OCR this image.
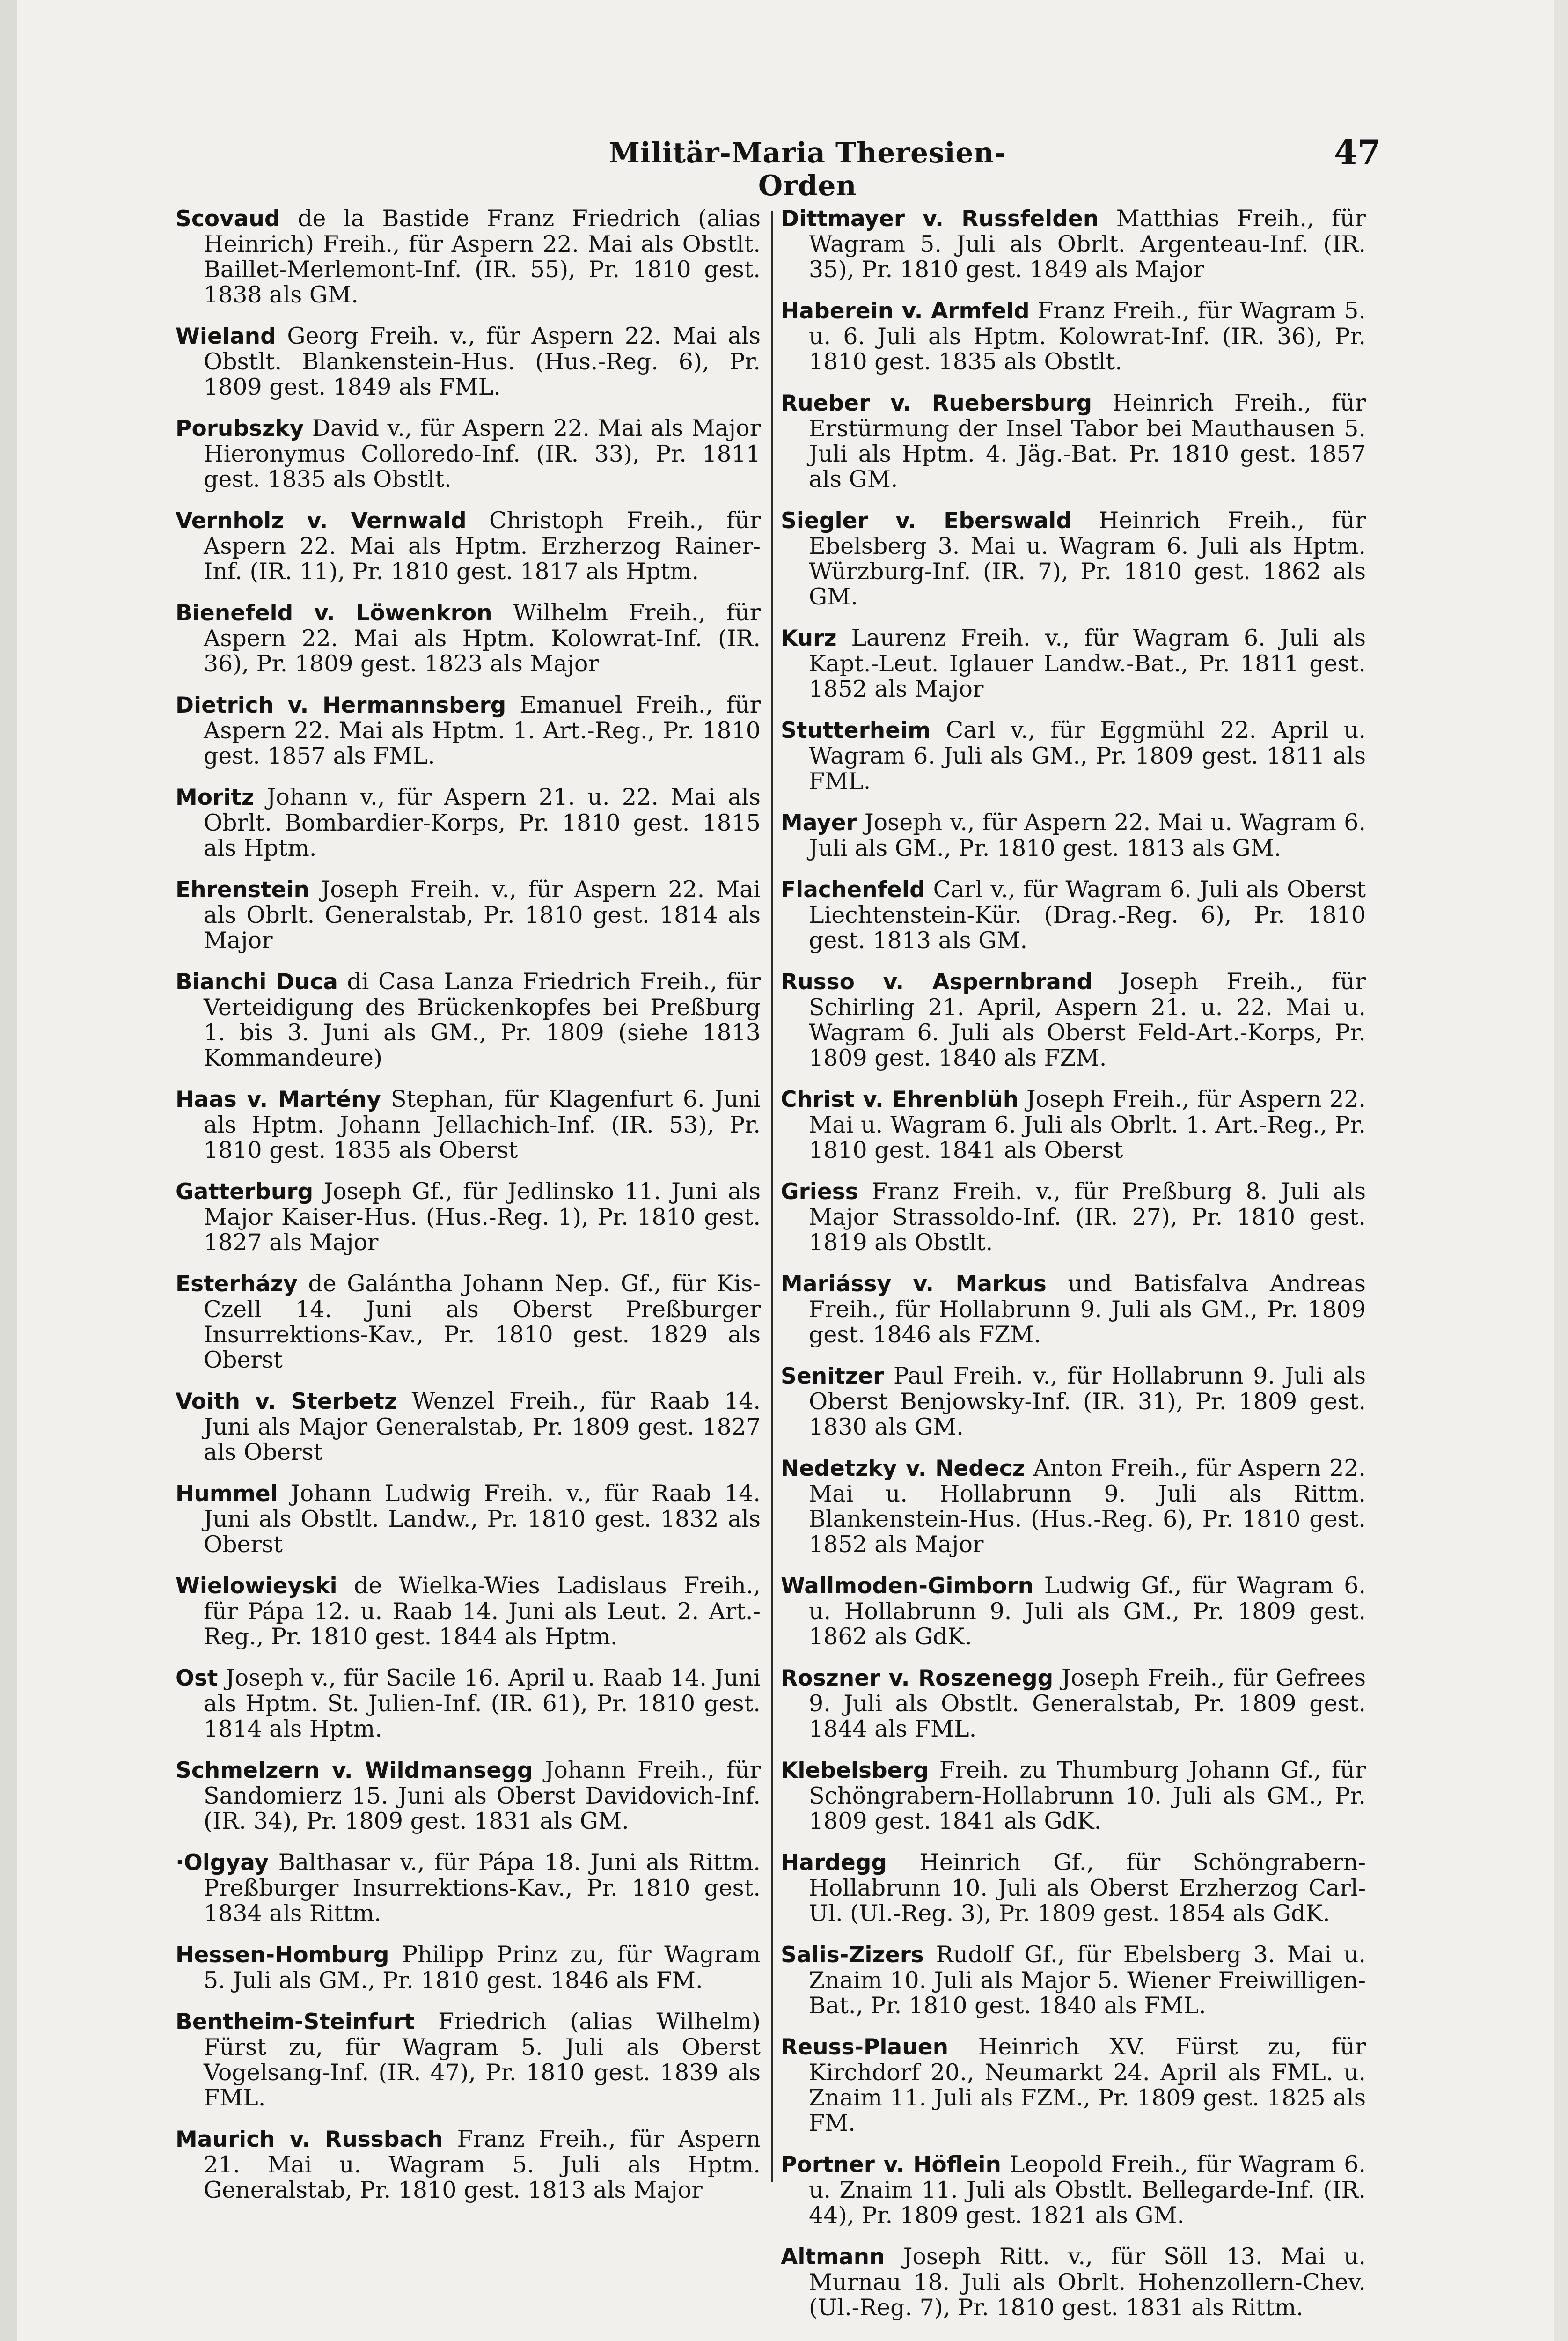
Militär-Maria Theresien-Orden
47

Scovaud de la Bastide Franz Friedrich (alias Heinrich) Freih., für Aspern 22. Mai als Obstlt. Baillet-Merlemont-Inf. (IR. 55), Pr. 1810 gest. 1838 als GM.

Wieland Georg Freih. v., für Aspern 22. Mai als Obstlt. Blankenstein-Hus. (Hus.-Reg. 6), Pr. 1809 gest. 1849 als FML.

Porubszky David v., für Aspern 22. Mai als Major Hieronymus Colloredo-Inf. (IR. 33), Pr. 1811 gest. 1835 als Obstlt.

Vernholz v. Vernwald Christoph Freih., für Aspern 22. Mai als Hptm. Erzherzog Rainer-Inf. (IR. 11), Pr. 1810 gest. 1817 als Hptm.

Bienefeld v. Löwenkron Wilhelm Freih., für Aspern 22. Mai als Hptm. Kolowrat-Inf. (IR. 36), Pr. 1809 gest. 1823 als Major

Dietrich v. Hermannsberg Emanuel Freih., für Aspern 22. Mai als Hptm. 1. Art.-Reg., Pr. 1810 gest. 1857 als FML.

Moritz Johann v., für Aspern 21. u. 22. Mai als Obrlt. Bombardier-Korps, Pr. 1810 gest. 1815 als Hptm.

Ehrenstein Joseph Freih. v., für Aspern 22. Mai als Obrlt. Generalstab, Pr. 1810 gest. 1814 als Major

Bianchi Duca di Casa Lanza Friedrich Freih., für Verteidigung des Brückenkopfes bei Preßburg 1. bis 3. Juni als GM., Pr. 1809 (siehe 1813 Kommandeure)

Haas v. Martény Stephan, für Klagenfurt 6. Juni als Hptm. Johann Jellachich-Inf. (IR. 53), Pr. 1810 gest. 1835 als Oberst

Gatterburg Joseph Gf., für Jedlinsko 11. Juni als Major Kaiser-Hus. (Hus.-Reg. 1), Pr. 1810 gest. 1827 als Major

Esterházy de Galántha Johann Nep. Gf., für Kis-Czell 14. Juni als Oberst Preßburger Insurrektions-Kav., Pr. 1810 gest. 1829 als Oberst

Voith v. Sterbetz Wenzel Freih., für Raab 14. Juni als Major Generalstab, Pr. 1809 gest. 1827 als Oberst

Hummel Johann Ludwig Freih. v., für Raab 14. Juni als Obstlt. Landw., Pr. 1810 gest. 1832 als Oberst

Wielowieyski de Wielka-Wies Ladislaus Freih., für Pápa 12. u. Raab 14. Juni als Leut. 2. Art.-Reg., Pr. 1810 gest. 1844 als Hptm.

Ost Joseph v., für Sacile 16. April u. Raab 14. Juni als Hptm. St. Julien-Inf. (IR. 61), Pr. 1810 gest. 1814 als Hptm.

Schmelzern v. Wildmansegg Johann Freih., für Sandomierz 15. Juni als Oberst Davidovich-Inf. (IR. 34), Pr. 1809 gest. 1831 als GM.

·Olgyay Balthasar v., für Pápa 18. Juni als Rittm. Preßburger Insurrektions-Kav., Pr. 1810 gest. 1834 als Rittm.

Hessen-Homburg Philipp Prinz zu, für Wagram 5. Juli als GM., Pr. 1810 gest. 1846 als FM.

Bentheim-Steinfurt Friedrich (alias Wilhelm) Fürst zu, für Wagram 5. Juli als Oberst Vogelsang-Inf. (IR. 47), Pr. 1810 gest. 1839 als FML.

Maurich v. Russbach Franz Freih., für Aspern 21. Mai u. Wagram 5. Juli als Hptm. Generalstab, Pr. 1810 gest. 1813 als Major

Dittmayer v. Russfelden Matthias Freih., für Wagram 5. Juli als Obrlt. Argenteau-Inf. (IR. 35), Pr. 1810 gest. 1849 als Major

Haberein v. Armfeld Franz Freih., für Wagram 5. u. 6. Juli als Hptm. Kolowrat-Inf. (IR. 36), Pr. 1810 gest. 1835 als Obstlt.

Rueber v. Ruebersburg Heinrich Freih., für Erstürmung der Insel Tabor bei Mauthausen 5. Juli als Hptm. 4. Jäg.-Bat. Pr. 1810 gest. 1857 als GM.

Siegler v. Eberswald Heinrich Freih., für Ebelsberg 3. Mai u. Wagram 6. Juli als Hptm. Würzburg-Inf. (IR. 7), Pr. 1810 gest. 1862 als GM.

Kurz Laurenz Freih. v., für Wagram 6. Juli als Kapt.-Leut. Iglauer Landw.-Bat., Pr. 1811 gest. 1852 als Major

Stutterheim Carl v., für Eggmühl 22. April u. Wagram 6. Juli als GM., Pr. 1809 gest. 1811 als FML.

Mayer Joseph v., für Aspern 22. Mai u. Wagram 6. Juli als GM., Pr. 1810 gest. 1813 als GM.

Flachenfeld Carl v., für Wagram 6. Juli als Oberst Liechtenstein-Kür. (Drag.-Reg. 6), Pr. 1810 gest. 1813 als GM.

Russo v. Aspernbrand Joseph Freih., für Schirling 21. April, Aspern 21. u. 22. Mai u. Wagram 6. Juli als Oberst Feld-Art.-Korps, Pr. 1809 gest. 1840 als FZM.

Christ v. Ehrenblüh Joseph Freih., für Aspern 22. Mai u. Wagram 6. Juli als Obrlt. 1. Art.-Reg., Pr. 1810 gest. 1841 als Oberst

Griess Franz Freih. v., für Preßburg 8. Juli als Major Strassoldo-Inf. (IR. 27), Pr. 1810 gest. 1819 als Obstlt.

Mariássy v. Markus und Batisfalva Andreas Freih., für Hollabrunn 9. Juli als GM., Pr. 1809 gest. 1846 als FZM.

Senitzer Paul Freih. v., für Hollabrunn 9. Juli als Oberst Benjowsky-Inf. (IR. 31), Pr. 1809 gest. 1830 als GM.

Nedetzky v. Nedecz Anton Freih., für Aspern 22. Mai u. Hollabrunn 9. Juli als Rittm. Blankenstein-Hus. (Hus.-Reg. 6), Pr. 1810 gest. 1852 als Major

Wallmoden-Gimborn Ludwig Gf., für Wagram 6. u. Hollabrunn 9. Juli als GM., Pr. 1809 gest. 1862 als GdK.

Roszner v. Roszenegg Joseph Freih., für Gefrees 9. Juli als Obstlt. Generalstab, Pr. 1809 gest. 1844 als FML.

Klebelsberg Freih. zu Thumburg Johann Gf., für Schöngrabern-Hollabrunn 10. Juli als GM., Pr. 1809 gest. 1841 als GdK.

Hardegg Heinrich Gf., für Schöngrabern-Hollabrunn 10. Juli als Oberst Erzherzog Carl-Ul. (Ul.-Reg. 3), Pr. 1809 gest. 1854 als GdK.

Salis-Zizers Rudolf Gf., für Ebelsberg 3. Mai u. Znaim 10. Juli als Major 5. Wiener Freiwilligen-Bat., Pr. 1810 gest. 1840 als FML.

Reuss-Plauen Heinrich XV. Fürst zu, für Kirchdorf 20., Neumarkt 24. April als FML. u. Znaim 11. Juli als FZM., Pr. 1809 gest. 1825 als FM.

Portner v. Höflein Leopold Freih., für Wagram 6. u. Znaim 11. Juli als Obstlt. Bellegarde-Inf. (IR. 44), Pr. 1809 gest. 1821 als GM.

Altmann Joseph Ritt. v., für Söll 13. Mai u. Murnau 18. Juli als Obrlt. Hohenzollern-Chev. (Ul.-Reg. 7), Pr. 1810 gest. 1831 als Rittm.
